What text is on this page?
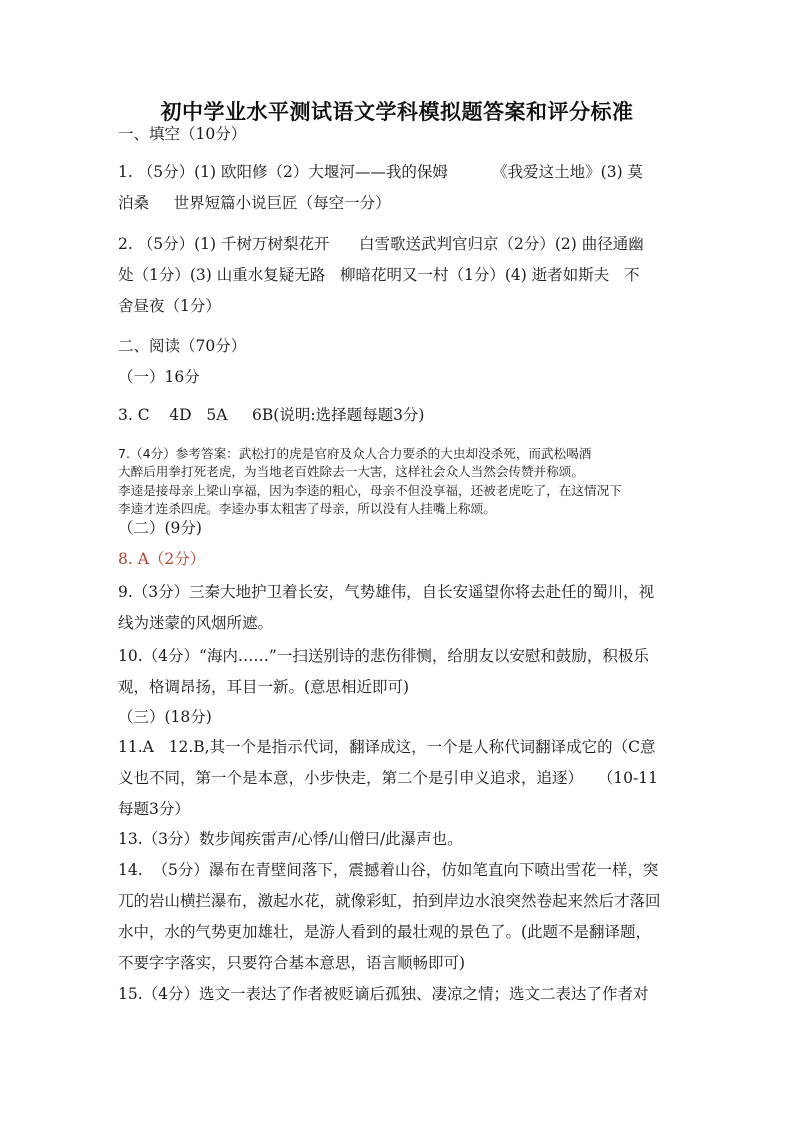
初中学业水平测试语文学科模拟题答案和评分标准
一、填空（10分）
1. （5分）(1) 欧阳修（2）大堰河——我的保姆         《我爱这土地》(3) 莫
泊桑     世界短篇小说巨匠（每空一分）
2. （5分）(1) 千树万树梨花开      白雪歌送武判官归京（2分）(2) 曲径通幽
处（1分）(3) 山重水复疑无路   柳暗花明又一村（1分）(4) 逝者如斯夫   不
舍昼夜（1分）
二、阅读（70分）
（一）16分
3. C    4D   5A     6B(说明:选择题每题3分)
7.（4分）参考答案：武松打的虎是官府及众人合力要杀的大虫却没杀死，而武松喝酒
大醉后用拳打死老虎，为当地老百姓除去一大害，这样社会众人当然会传赞并称颂。
李逵是接母亲上梁山享福，因为李逵的粗心，母亲不但没享福，还被老虎吃了，在这情况下
李逵才连杀四虎。李逵办事太粗害了母亲，所以没有人挂嘴上称颂。
（二）(9分)
8. A（2分）
9.（3分）三秦大地护卫着长安，气势雄伟，自长安遥望你将去赴任的蜀川，视
线为迷蒙的风烟所遮。
10.（4分）“海内……”一扫送别诗的悲伤徘恻，给朋友以安慰和鼓励，积极乐
观，格调昂扬，耳目一新。(意思相近即可)
（三）(18分)
11.A   12.B,其一个是指示代词，翻译成这，一个是人称代词翻译成它的（C意
义也不同，第一个是本意，小步快走，第二个是引申义追求，追逐）   （10-11
每题3分）
13.（3分）数步闻疾雷声/心悸/山僧曰/此瀑声也。
14.  （5分）瀑布在青壁间落下，震撼着山谷，仿如笔直向下喷出雪花一样，突
兀的岩山横拦瀑布，激起水花，就像彩虹，拍到岸边水浪突然卷起来然后才落回
水中，水的气势更加雄壮，是游人看到的最壮观的景色了。(此题不是翻译题，
不要字字落实，只要符合基本意思，语言顺畅即可)
15.（4分）选文一表达了作者被贬谪后孤独、凄凉之情；选文二表达了作者对
